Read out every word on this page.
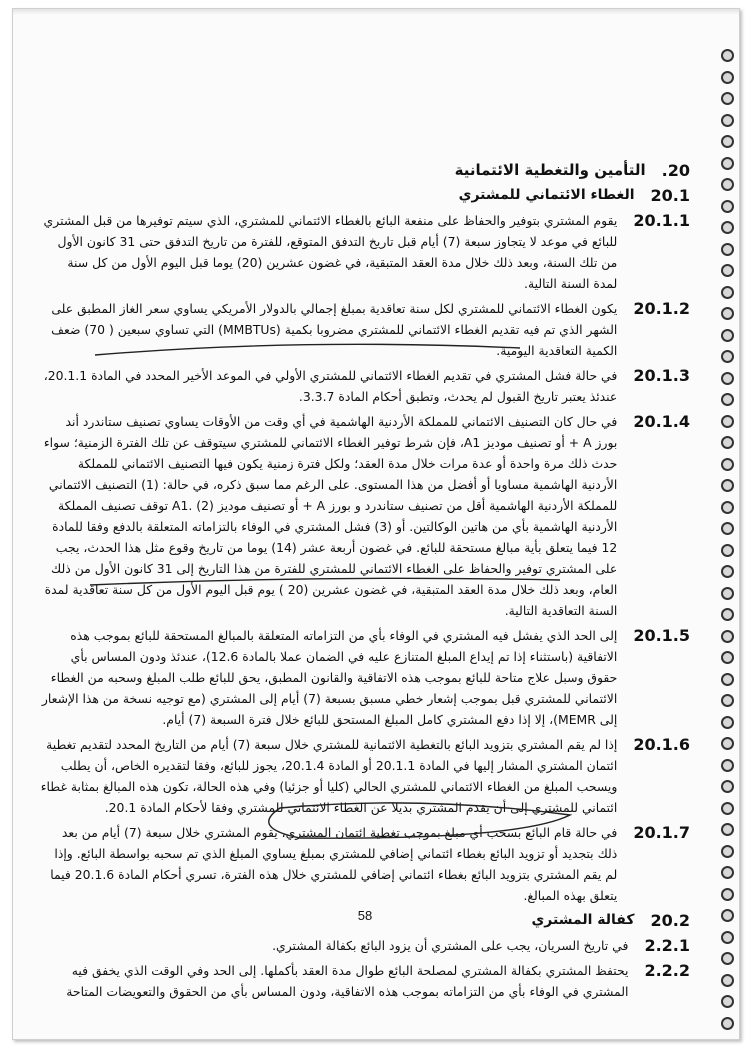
.20
التأمين والتغطية الائتمانية
20.1
الغطاء الائتماني للمشتري
20.1.1
يقوم المشتري بتوفير والحفاظ على منفعة البائع بالغطاء الائتماني للمشتري، الذي سيتم توفيرها من قبل المشتري للبائع في موعد لا يتجاوز سبعة (7) أيام قبل تاريخ التدفق المتوقع، للفترة من تاريخ التدفق حتى 31 كانون الأول من تلك السنة، وبعد ذلك خلال مدة العقد المتبقية، في غضون عشرين (20) يوما قبل اليوم الأول من كل سنة لمدة السنة التالية.
20.1.2
يكون الغطاء الائتماني للمشتري لكل سنة تعاقدية بمبلغ إجمالي بالدولار الأمريكي يساوي سعر الغاز المطبق على الشهر الذي تم فيه تقديم الغطاء الائتماني للمشتري مضروبا بكمية (MMBTUs) التي تساوي سبعين ( 70) ضعف الكمية التعاقدية اليومية.
20.1.3
في حالة فشل المشتري في تقديم الغطاء الائتماني للمشتري الأولي في الموعد الأخير المحدد في المادة 20.1.1، عندئذ يعتبر تاريخ القبول لم يحدث، وتطبق أحكام المادة 3.3.7.
20.1.4
في حال كان التصنيف الائتماني للمملكة الأردنية الهاشمية في أي وقت من الأوقات يساوي تصنيف ستاندرد أند بورز A + أو تصنيف موديز A1، فإن شرط توفير الغطاء الائتماني للمشتري سيتوقف عن تلك الفترة الزمنية؛ سواء حدث ذلك مرة واحدة أو عدة مرات خلال مدة العقد؛ ولكل فترة زمنية يكون فيها التصنيف الائتماني للمملكة الأردنية الهاشمية مساويا أو أفضل من هذا المستوى. على الرغم مما سبق ذكره، في حالة: (1) التصنيف الائتماني للمملكة الأردنية الهاشمية أقل من تصنيف ستاندرد و بورز A + أو تصنيف موديز A1. (2) توقف تصنيف المملكة الأردنية الهاشمية بأي من هاتين الوكالتين. أو (3) فشل المشتري في الوفاء بالتزاماته المتعلقة بالدفع وفقا للمادة 12 فيما يتعلق بأية مبالغ مستحقة للبائع. في غضون أربعة عشر (14) يوما من تاريخ وقوع مثل هذا الحدث، يجب على المشتري توفير والحفاظ على الغطاء الائتماني للمشتري للفترة من هذا التاريخ إلى 31 كانون الأول من ذلك العام، وبعد ذلك خلال مدة العقد المتبقية، في غضون عشرين (20 ) يوم قبل اليوم الأول من كل سنة تعاقدية لمدة السنة التعاقدية التالية.
20.1.5
إلى الحد الذي يفشل فيه المشتري في الوفاء بأي من التزاماته المتعلقة بالمبالغ المستحقة للبائع بموجب هذه الاتفاقية (باستثناء إذا تم إيداع المبلغ المتنازع عليه في الضمان عملا بالمادة 12.6)، عندئذ ودون المساس بأي حقوق وسبل علاج متاحة للبائع بموجب هذه الاتفاقية والقانون المطبق، يحق للبائع طلب المبلغ وسحبه من الغطاء الائتماني للمشتري قبل بموجب إشعار خطي مسبق بسبعة (7) أيام إلى المشتري (مع توجيه نسخة من هذا الإشعار إلى MEMR)، إلا إذا دفع المشتري كامل المبلغ المستحق للبائع خلال فترة السبعة (7) أيام.
20.1.6
إذا لم يقم المشتري بتزويد البائع بالتغطية الائتمانية للمشتري خلال سبعة (7) أيام من التاريخ المحدد لتقديم تغطية ائتمان المشتري المشار إليها في المادة 20.1.1 أو المادة 20.1.4، يجوز للبائع، وفقا لتقديره الخاص، أن يطلب ويسحب المبلغ من الغطاء الائتماني للمشتري الحالي (كليا أو جزئيا) وفي هذه الحالة، تكون هذه المبالغ بمثابة غطاء ائتماني للمشتري إلى أن يقدم المشتري بديلا عن الغطاء الائتماني للمشتري وفقا لأحكام المادة 20.1.
20.1.7
في حالة قام البائع بسحب أي مبلغ بموجب تغطية ائتمان المشتري، يقوم المشتري خلال سبعة (7) أيام من بعد ذلك بتجديد أو تزويد البائع بغطاء ائتماني إضافي للمشتري بمبلغ يساوي المبلغ الذي تم سحبه بواسطة البائع. وإذا لم يقم المشتري بتزويد البائع بغطاء ائتماني إضافي للمشتري خلال هذه الفترة، تسري أحكام المادة 20.1.6 فيما يتعلق بهذه المبالغ.
20.2
كفالة المشتري
2.2.1
في تاريخ السريان، يجب على المشتري أن يزود البائع بكفالة المشتري.
2.2.2
يحتفظ المشتري بكفالة المشتري لمصلحة البائع طوال مدة العقد بأكملها. إلى الحد وفي الوقت الذي يخفق فيه المشتري في الوفاء بأي من التزاماته بموجب هذه الاتفاقية، ودون المساس بأي من الحقوق والتعويضات المتاحة
58
